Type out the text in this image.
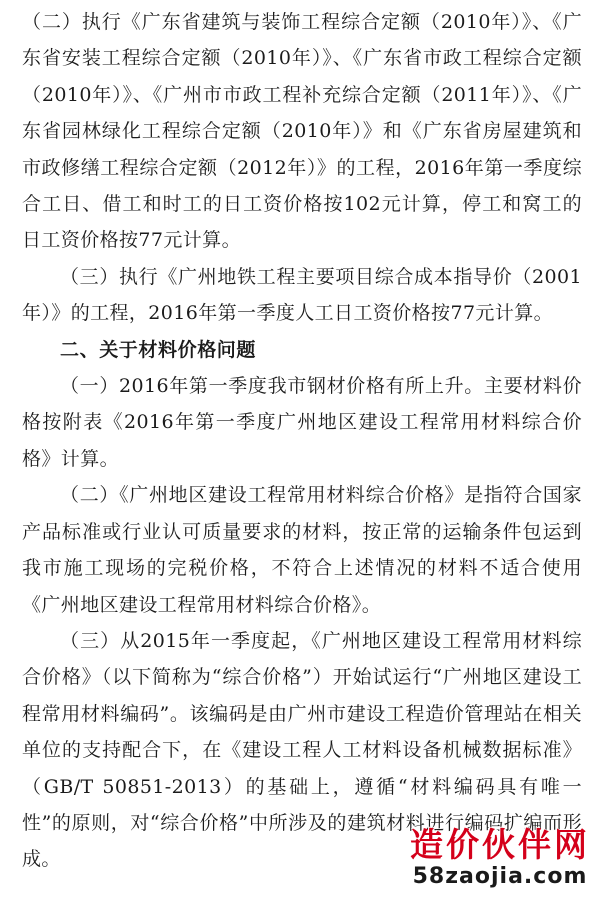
（二）执行《广东省建筑与装饰工程综合定额（2010年）》、《广东省安装工程综合定额（2010年）》、《广东省市政工程综合定额（2010年）》、《广州市市政工程补充综合定额（2011年）》、《广东省园林绿化工程综合定额（2010年）》和《广东省房屋建筑和市政修缮工程综合定额（2012年）》的工程，2016年第一季度综合工日、借工和时工的日工资价格按102元计算，停工和窝工的日工资价格按77元计算。

（三）执行《广州地铁工程主要项目综合成本指导价（2001年）》的工程，2016年第一季度人工日工资价格按77元计算。

二、关于材料价格问题

（一）2016年第一季度我市钢材价格有所上升。主要材料价格按附表《2016年第一季度广州地区建设工程常用材料综合价格》计算。

（二）《广州地区建设工程常用材料综合价格》是指符合国家产品标准或行业认可质量要求的材料，按正常的运输条件包运到我市施工现场的完税价格，不符合上述情况的材料不适合使用《广州地区建设工程常用材料综合价格》。

（三）从2015年一季度起，《广州地区建设工程常用材料综合价格》（以下简称为“综合价格”）开始试运行“广州地区建设工程常用材料编码”。该编码是由广州市建设工程造价管理站在相关单位的支持配合下，在《建设工程人工材料设备机械数据标准》（GB/T 50851-2013）的基础上，遵循“材料编码具有唯一性”的原则，对“综合价格”中所涉及的建筑材料进行编码扩编而形成。	造价伙伴网
58zaojia.com
